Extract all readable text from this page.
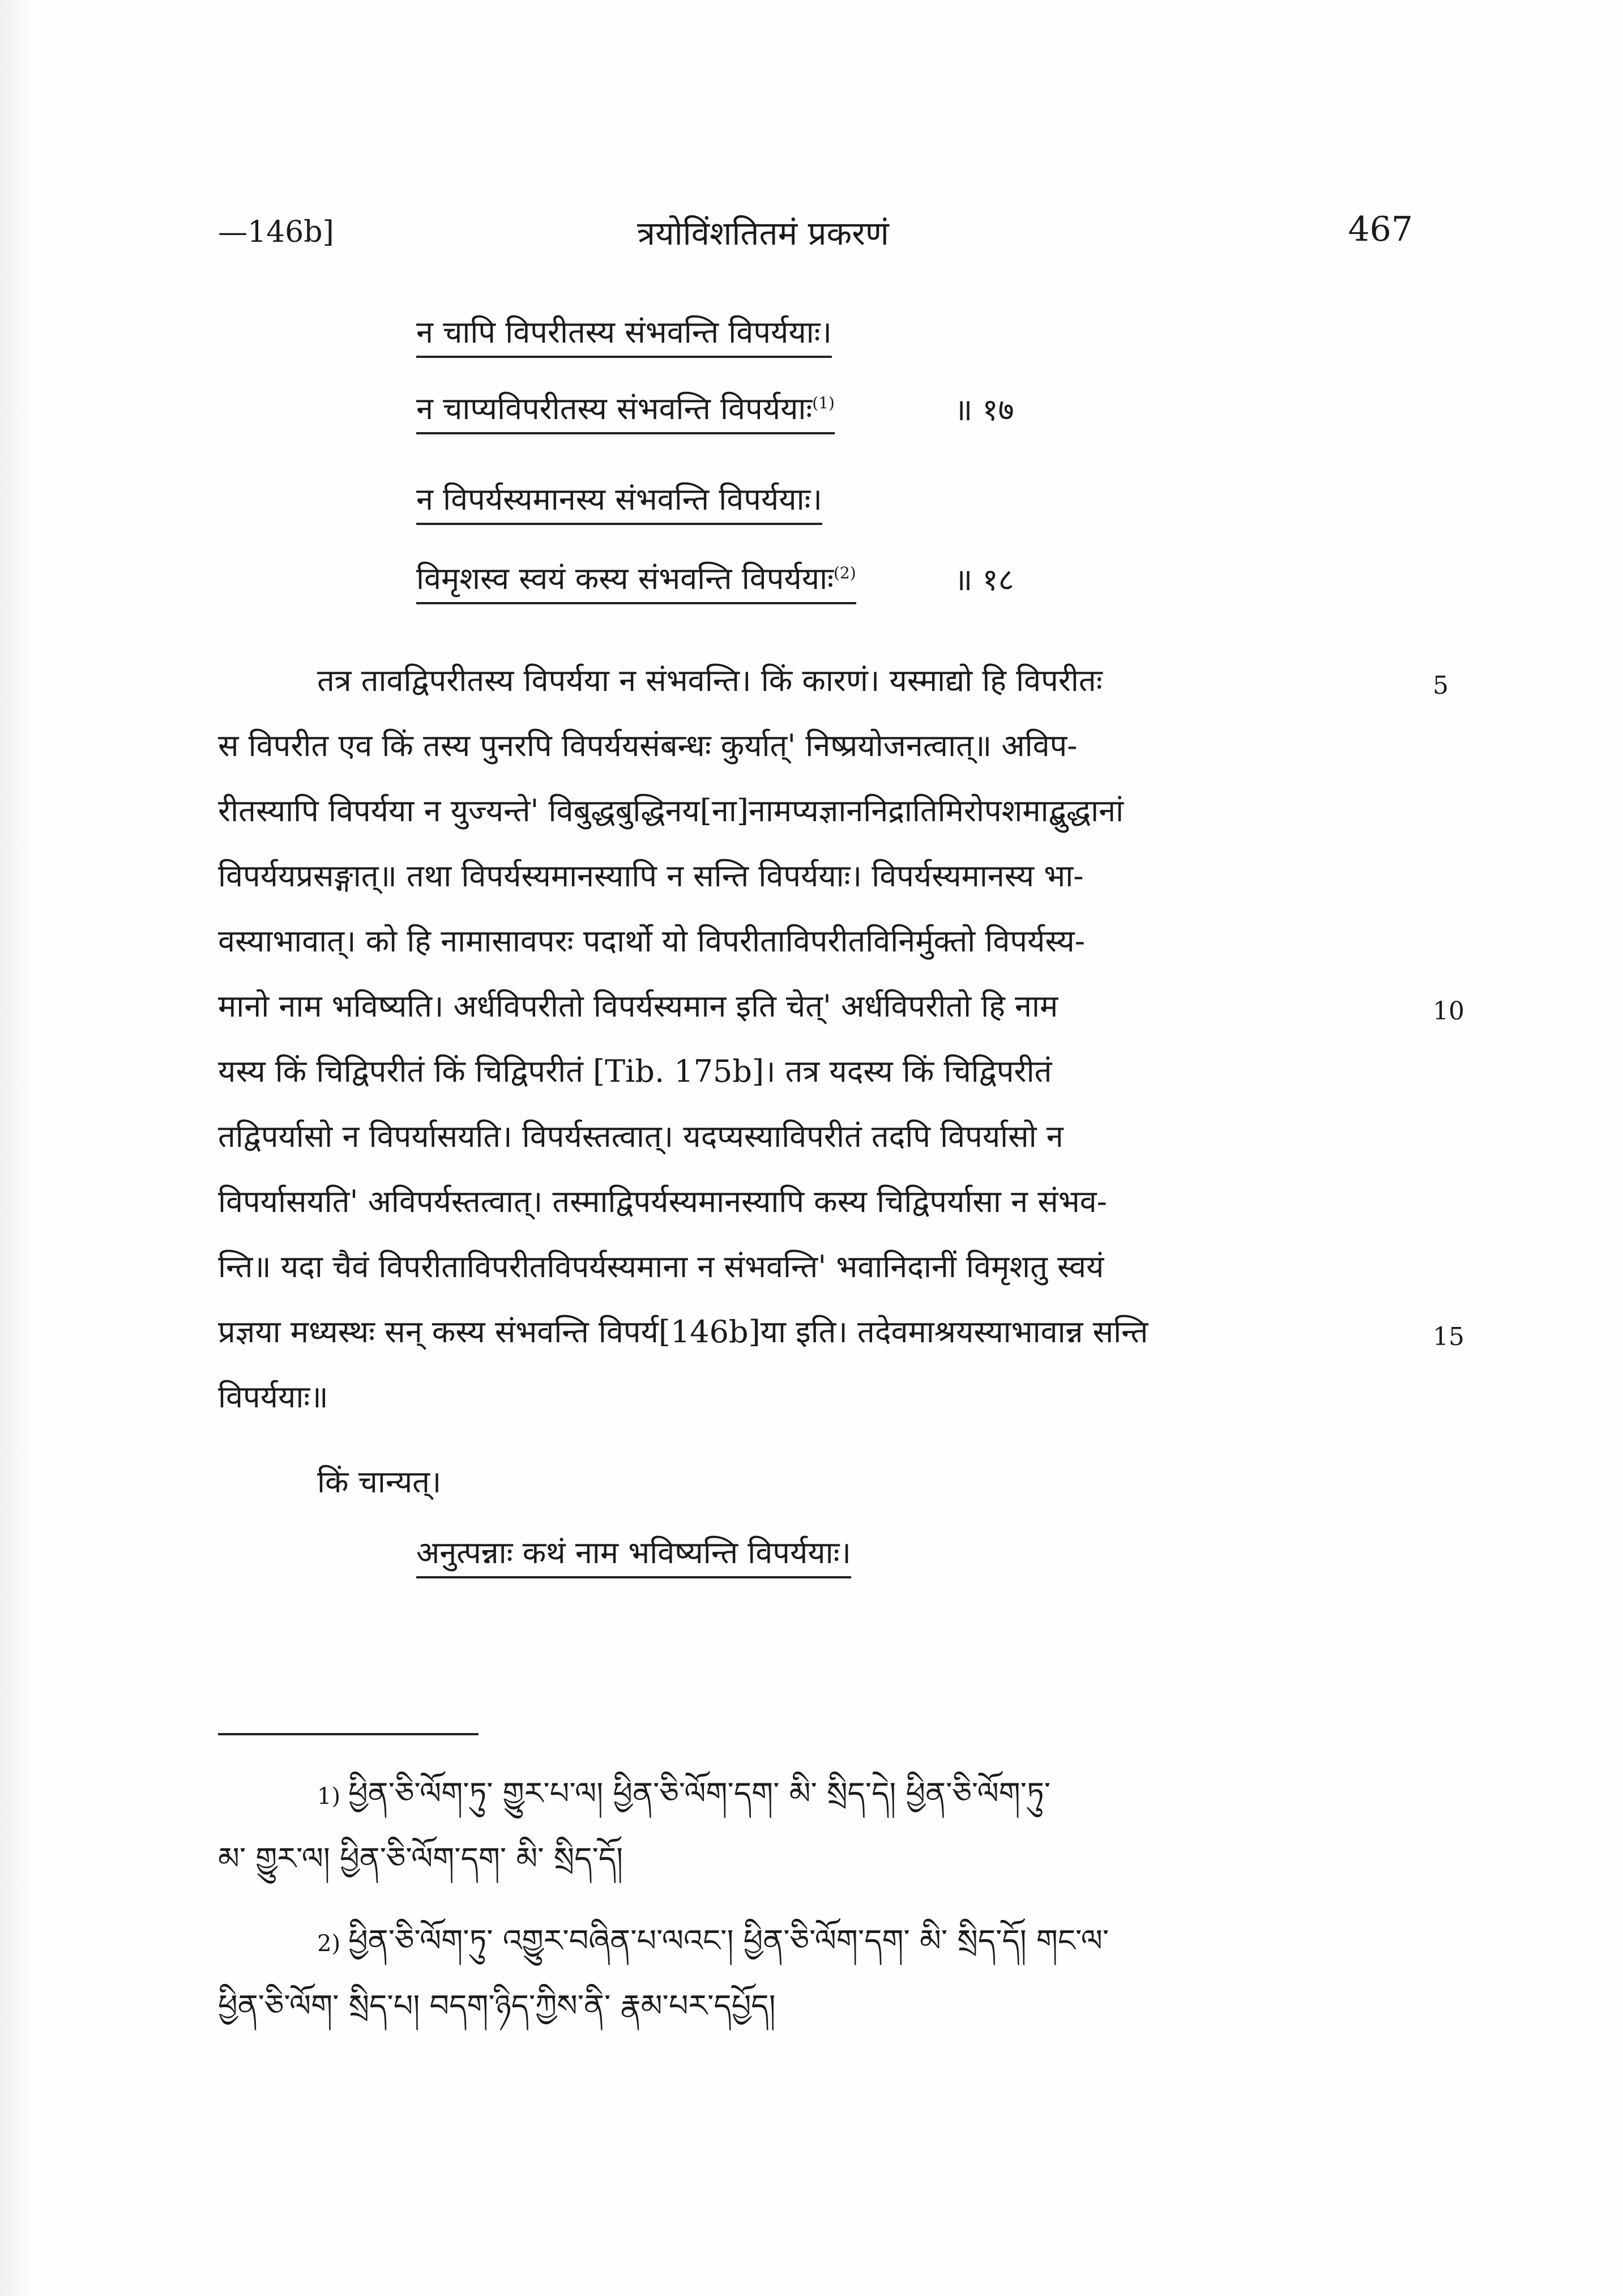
—146b]	त्रयोविंशतितमं प्रकरणं	467
न चापि विपरीतस्य संभवन्ति विपर्ययाः।
न चाप्यविपरीतस्य संभवन्ति विपर्ययाः$^{(1)}$	॥ १७
न विपर्यस्यमानस्य संभवन्ति विपर्ययाः।
विमृशस्व स्वयं कस्य संभवन्ति विपर्ययाः$^{(2)}$	॥ १८
तत्र तावद्विपरीतस्य विपर्यया न संभवन्ति। किं कारणं। यस्माद्यो हि विपरीतः	5
स विपरीत एव किं तस्य पुनरपि विपर्ययसंबन्धः कुर्यात्' निष्प्रयोजनत्वात्॥ अविप-
रीतस्यापि विपर्यया न युज्यन्ते' विबुद्धबुद्धिनय[ना]नामप्यज्ञाननिद्रातिमिरोपशमाद्बुद्धानां
विपर्ययप्रसङ्गात्॥ तथा विपर्यस्यमानस्यापि न सन्ति विपर्ययाः। विपर्यस्यमानस्य भा-
वस्याभावात्। को हि नामासावपरः पदार्थो यो विपरीताविपरीतविनिर्मुक्तो विपर्यस्य-
मानो नाम भविष्यति। अर्धविपरीतो विपर्यस्यमान इति चेत्' अर्धविपरीतो हि नाम	10
यस्य किं चिद्विपरीतं किं चिद्विपरीतं [Tib. 175b]। तत्र यदस्य किं चिद्विपरीतं
तद्विपर्यासो न विपर्यासयति। विपर्यस्तत्वात्। यदप्यस्याविपरीतं तदपि विपर्यासो न
विपर्यासयति' अविपर्यस्तत्वात्। तस्माद्विपर्यस्यमानस्यापि कस्य चिद्विपर्यासा न संभव-
न्ति॥ यदा चैवं विपरीताविपरीतविपर्यस्यमाना न संभवन्ति' भवानिदानीं विमृशतु स्वयं
प्रज्ञया मध्यस्थः सन् कस्य संभवन्ति विपर्य[146b]या इति। तदेवमाश्रयस्याभावान्न सन्ति	15
विपर्ययाः॥
किं चान्यत्।
अनुत्पन्नाः कथं नाम भविष्यन्ति विपर्ययाः।
1) ཕྱིན་ཅི་ལོག་ཏུ་ གྱུར་པ་ལ། ཕྱིན་ཅི་ལོག་དག་ མི་ སྲིད་དེ། ཕྱིན་ཅི་ལོག་ཏུ་
མ་ གྱུར་ལ། ཕྱིན་ཅི་ལོག་དག་ མི་ སྲིད་དོ།
2) ཕྱིན་ཅི་ལོག་ཏུ་ འགྱུར་བཞིན་པ་ལའང་། ཕྱིན་ཅི་ལོག་དག་ མི་ སྲིད་དོ། གང་ལ་
ཕྱིན་ཅི་ལོག་ སྲིད་པ། བདག་ཉིད་ཀྱིས་ནི་ རྣམ་པར་དཔྱོད།
